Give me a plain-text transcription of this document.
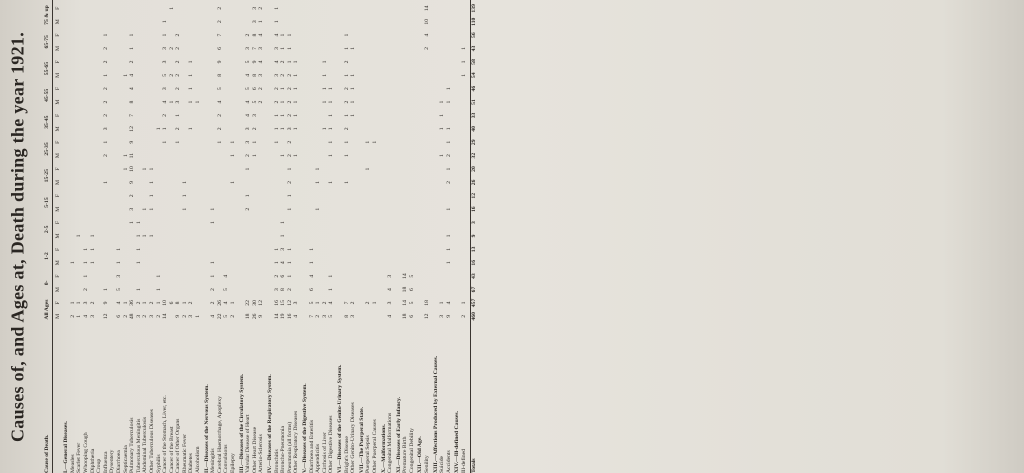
Causes of, and Ages at, Death during the year 1921.
Cause of Death.
All Ages
0-
1-2
2-5
5-15
15-25
25-35
35-45
45-55
55-65
65-75
75 & up
M
F
M
F
M
F
M
F
M
F
M
F
M
F
M
F
M
F
M
F
M
F
M
F
I.—General Diseases. Measles
2
1
1
Scarlet Fever
1
1
1
Whooping Cough
4
3
2
1
1
1
Diphtheria
3
2
1
1
1
Croup Influenza
12
9
1
1
2
1
3
2
2
2
1
2
2
1
Dysentery Diarrhoea
6
4
5
3
1
1
Septicaemia
2
1
1
1
1
Pulmonary Tuberculosis
48
36
1
3
2
9
10
11
9
12
7
8
4
4
2
1
1
Tuberculous Meningitis
3
2
1
1
1
1
1
Abdominal Tuberculosis
2
1
1
1
1
Other Tuberculous Diseases
3
2
1
1
1
1
1
Syphilis
2
1
1
1
1
Cancer of the Stomach, Liver, etc.
14
10
1
1
2
4
3
5
3
3
1
1
Cancer of the Breast
6
1
2
2
1
Cancer of Other Organs
9
8
1
2
1
3
2
2
2
2
2
Rheumatic Fever
2
1
1
1
1
Diabetes
3
2
1
1
1
1
1
Alcoholism
1
1
II.—Diseases of the Nervous System. Meningitis
4
2
2
1
1
1
1
Cerebral Haemorrhage, Apoplexy
22
26
1
2
2
4
5
8
9
6
7
2
2
Convulsions
5
4
5
4
Epilepsy
2
1
1
1
1
III.—Diseases of the Circulatory System. Valvular Disease of Heart
18
22
2
1
1
2
3
3
4
4
5
4
5
3
2
Other Heart Disease
26
30
1
1
2
3
5
6
8
9
7
8
3
3
Arterio-Sclerosis
9
12
2
2
3
4
3
4
1
2
IV.—Diseases of the Respiratory System. Bronchitis
14
16
3
2
1
1
1
1
1
2
2
3
4
3
4
1
1
Broncho-Pneumonia
19
15
8
6
4
3
1
1
1
1
1
1
1
2
2
1
1
Pneumonia (all forms)
16
12
2
1
1
1
1
1
2
1
2
2
3
2
2
2
2
1
1
1
Other Respiratory Diseases
4
3
1
1
1
1
1
1
1
V.—Diseases of the Digestive System. Diarrhoea and Enteritis
7
5
6
4
1
1
Appendicitis
2
1
1
1
1
Cirrhosis of Liver
3
2
1
1
1
1
1
Other Digestive Diseases
5
4
1
1
1
1
1
1
1
1
1
VI.—Diseases of the Genito-Urinary System. Bright's Disease
8
7
1
1
1
2
1
2
2
1
2
1
1
Other Genito-Urinary Diseases
3
2
1
1
1
1
1
VII.—The Puerperal State. Puerperal Sepsis
2
1
1
Other Puerperal Causes
1
1
X.—Malformations. Congenital Malformations
4
3
4
3
XI.—Diseases of Early Infancy. Premature Birth
18
14
18
14
Congenital Debility
6
5
6
5
XII.—Old Age. Senility
12
18
2
4
10
14
XIII.—Affections Produced by External Causes. Suicide
3
1
1
1
1
1
Accidents
9
4
1
1
1
1
2
1
2
1
1
1
1
XIV.—Ill-defined Causes. Ill-defined
2
1
1
1
1
Totals
460
457
67
43
16
13
9
3
16
12
26
20
32
29
40
33
51
46
54
58
43
56
110
139
